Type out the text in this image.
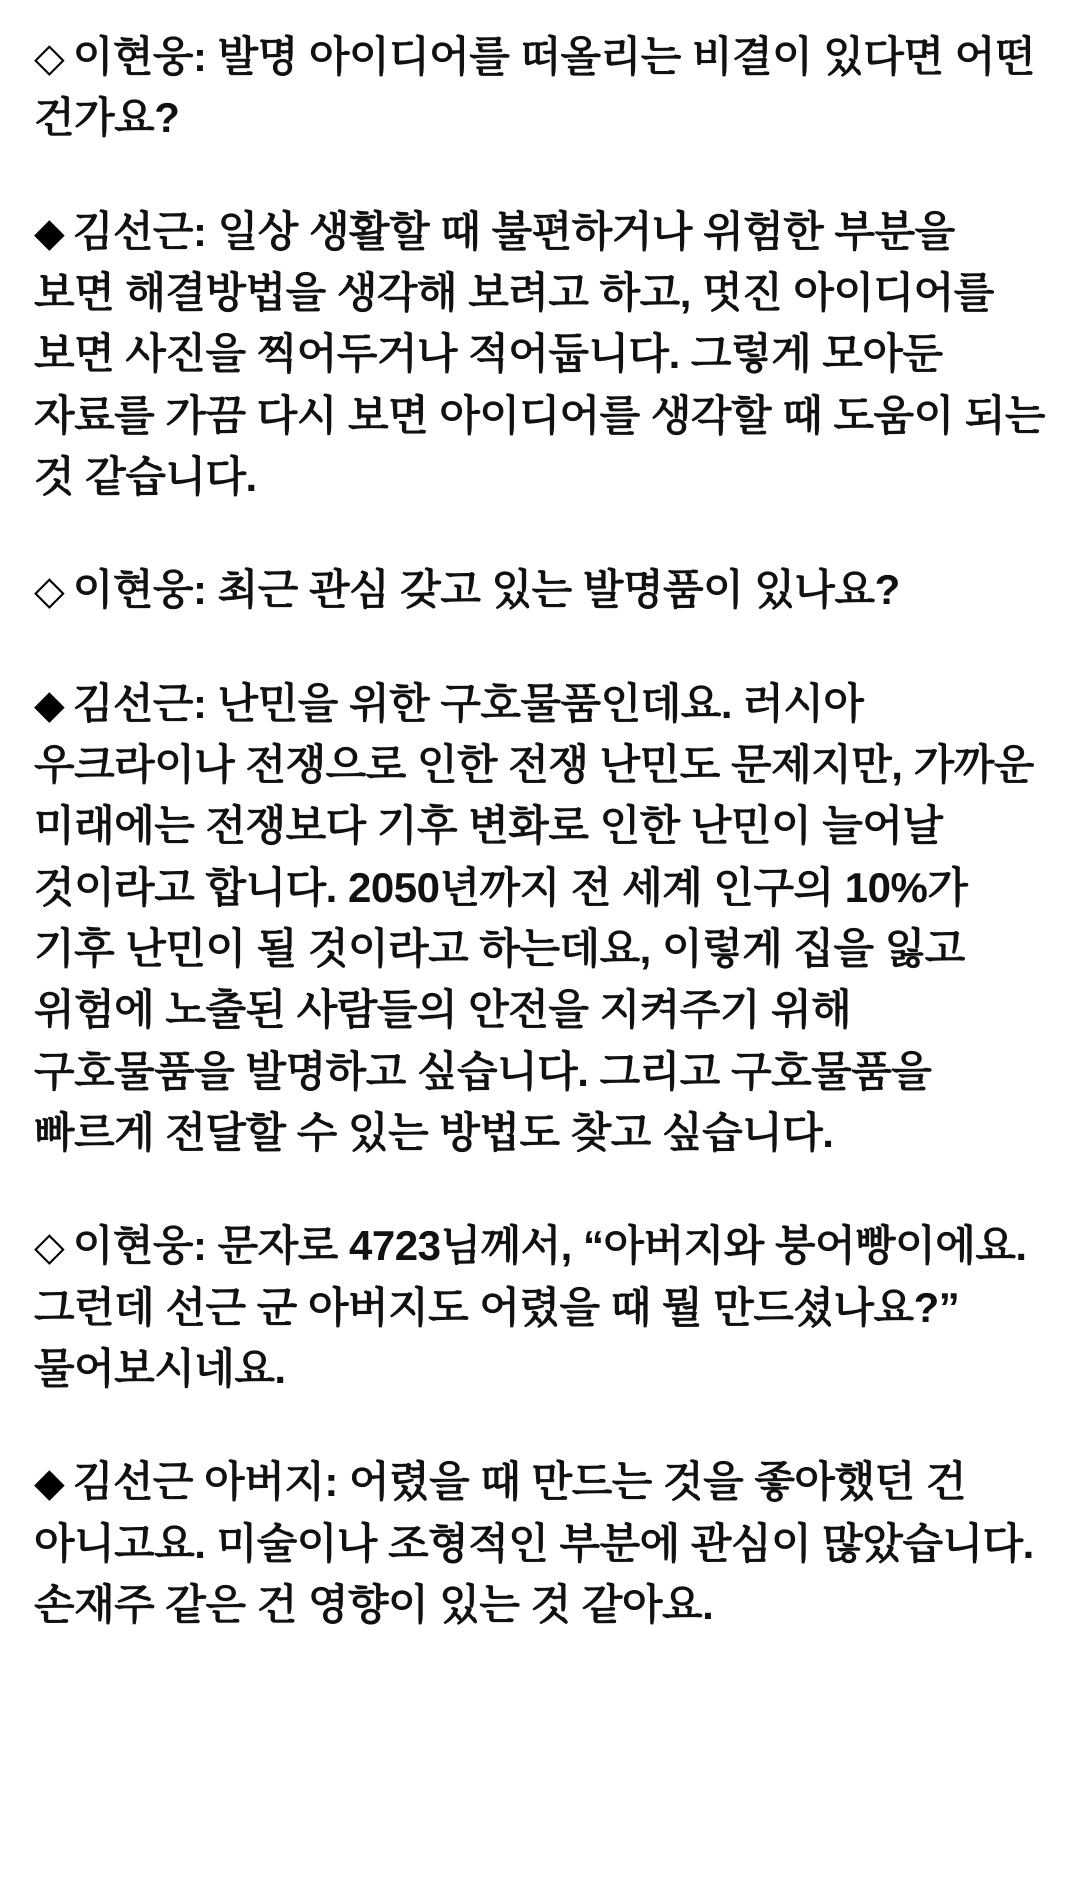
◇ 이현웅: 발명 아이디어를 떠올리는 비결이 있다면 어떤 건가요?

◆ 김선근: 일상 생활할 때 불편하거나 위험한 부분을 보면 해결방법을 생각해 보려고 하고, 멋진 아이디어를 보면 사진을 찍어두거나 적어둡니다. 그렇게 모아둔 자료를 가끔 다시 보면 아이디어를 생각할 때 도움이 되는 것 같습니다.

◇ 이현웅: 최근 관심 갖고 있는 발명품이 있나요?

◆ 김선근: 난민을 위한 구호물품인데요. 러시아 우크라이나 전쟁으로 인한 전쟁 난민도 문제지만, 가까운 미래에는 전쟁보다 기후 변화로 인한 난민이 늘어날 것이라고 합니다. 2050년까지 전 세계 인구의 10%가 기후 난민이 될 것이라고 하는데요, 이렇게 집을 잃고 위험에 노출된 사람들의 안전을 지켜주기 위해 구호물품을 발명하고 싶습니다. 그리고 구호물품을 빠르게 전달할 수 있는 방법도 찾고 싶습니다.

◇ 이현웅: 문자로 4723님께서, “아버지와 붕어빵이에요. 그런데 선근 군 아버지도 어렸을 때 뭘 만드셨나요?” 물어보시네요.

◆ 김선근 아버지: 어렸을 때 만드는 것을 좋아했던 건 아니고요. 미술이나 조형적인 부분에 관심이 많았습니다. 손재주 같은 건 영향이 있는 것 같아요.
